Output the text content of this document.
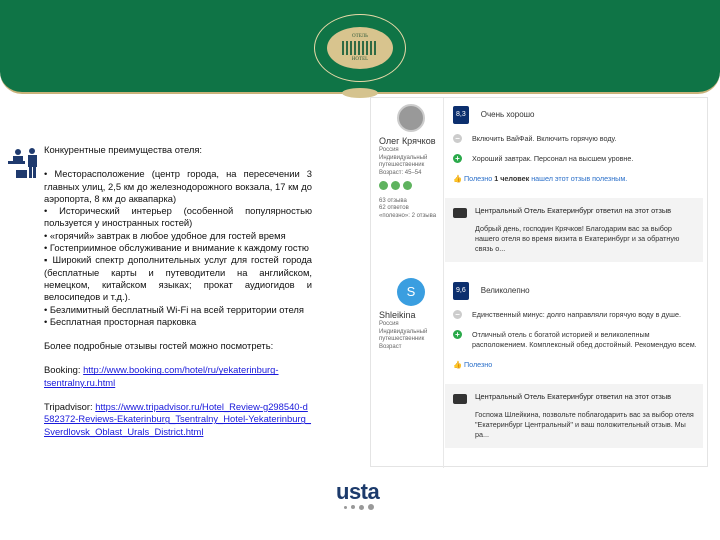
ОТЕЛЬ
HOTEL

Конкурентные преимущества отеля:

• Месторасположение (центр города, на пересечении 3 главных улиц, 2,5 км до железнодорожного вокзала, 17 км до аэропорта, 8 км до аквапарка)

• Исторический интерьер (особенной популярностью пользуется у иностранных гостей)

• «горячий» завтрак в любое удобное для гостей время

• Гостеприимное обслуживание и внимание к каждому гостю

▪ Широкий спектр дополнительных услуг для гостей города (бесплатные карты и путеводители на английском, немецком, китайском языках; прокат аудиогидов и велосипедов и т.д.).

• Безлимитный бесплатный Wi-Fi на всей территории отеля

• Бесплатная просторная парковка

Более подробные отзывы гостей можно посмотреть:

Booking: http://www.booking.com/hotel/ru/yekaterinburg-tsentralny.ru.html

Tripadvisor: https://www.tripadvisor.ru/Hotel_Review-g298540-d582372-Reviews-Ekaterinburg_Tsentralny_Hotel-Yekaterinburg_Sverdlovsk_Oblast_Urals_District.html

Олег Крячков
Россия
Индивидуальный путешественник
Возраст: 45–54
63 отзыва
62 ответов
«полезно»: 2 отзыва
8,3 Очень хорошо
−	Включить ВайФай. Включить горячую воду.
+	Хороший завтрак. Персонал на высшем уровне.
👍 Полезно 1 человек нашел этот отзыв полезным.
Центральный Отель Екатеринбург ответил на этот отзыв
Добрый день, господин Крячков! Благодарим вас за выбор нашего отеля во время визита в Екатеринбург и за обратную связь о...
S
Shleikina
Россия
Индивидуальный путешественник
Возраст
9,6 Великолепно
−	Единственный минус: долго направляли горячую воду в душе.
+	Отличный отель с богатой историей и великолепным расположением. Комплексный обед достойный. Рекомендую всем.
👍 Полезно
Центральный Отель Екатеринбург ответил на этот отзыв
Госпожа Шлейкина, позвольте поблагодарить вас за выбор отеля "Екатеринбург Центральный" и ваш положительный отзыв. Мы ра...
usta
